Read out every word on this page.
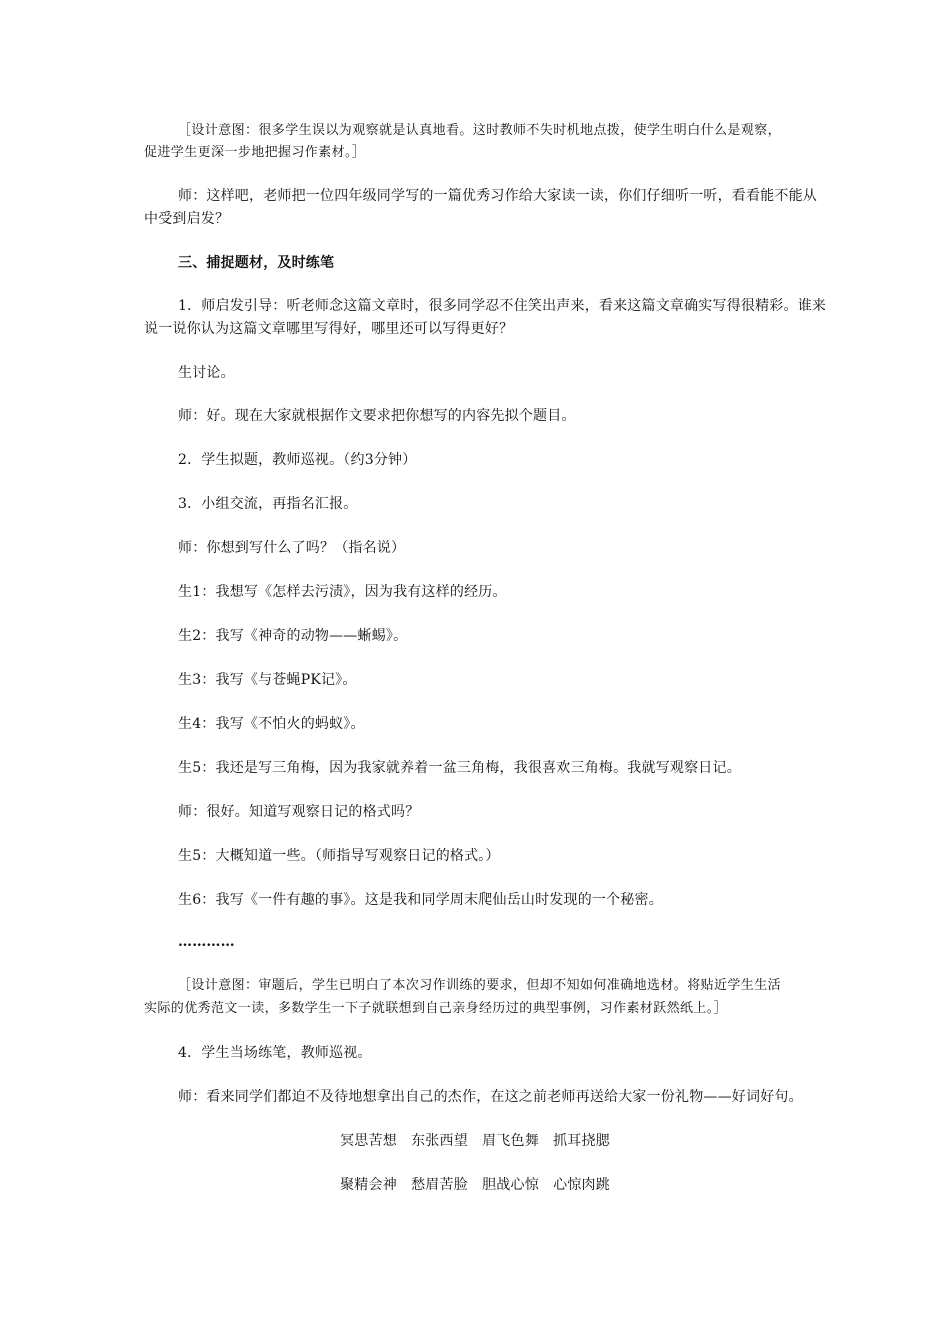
［设计意图：很多学生误以为观察就是认真地看。这时教师不失时机地点拨，使学生明白什么是观察，
促进学生更深一步地把握习作素材。］
师：这样吧，老师把一位四年级同学写的一篇优秀习作给大家读一读，你们仔细听一听，看看能不能从
中受到启发？
三、捕捉题材，及时练笔
1．师启发引导：听老师念这篇文章时，很多同学忍不住笑出声来，看来这篇文章确实写得很精彩。谁来
说一说你认为这篇文章哪里写得好，哪里还可以写得更好？
生讨论。
师：好。现在大家就根据作文要求把你想写的内容先拟个题目。
2．学生拟题，教师巡视。（约3分钟）
3．小组交流，再指名汇报。
师：你想到写什么了吗？（指名说）
生1：我想写《怎样去污渍》，因为我有这样的经历。
生2：我写《神奇的动物——蜥蜴》。
生3：我写《与苍蝇PK记》。
生4：我写《不怕火的蚂蚁》。
生5：我还是写三角梅，因为我家就养着一盆三角梅，我很喜欢三角梅。我就写观察日记。
师：很好。知道写观察日记的格式吗？
生5：大概知道一些。（师指导写观察日记的格式。）
生6：我写《一件有趣的事》。这是我和同学周末爬仙岳山时发现的一个秘密。
…………
［设计意图：审题后，学生已明白了本次习作训练的要求，但却不知如何准确地选材。将贴近学生生活
实际的优秀范文一读，多数学生一下子就联想到自己亲身经历过的典型事例，习作素材跃然纸上。］
4．学生当场练笔，教师巡视。
师：看来同学们都迫不及待地想拿出自己的杰作，在这之前老师再送给大家一份礼物——好词好句。
冥思苦想　东张西望　眉飞色舞　抓耳挠腮
聚精会神　愁眉苦脸　胆战心惊　心惊肉跳
